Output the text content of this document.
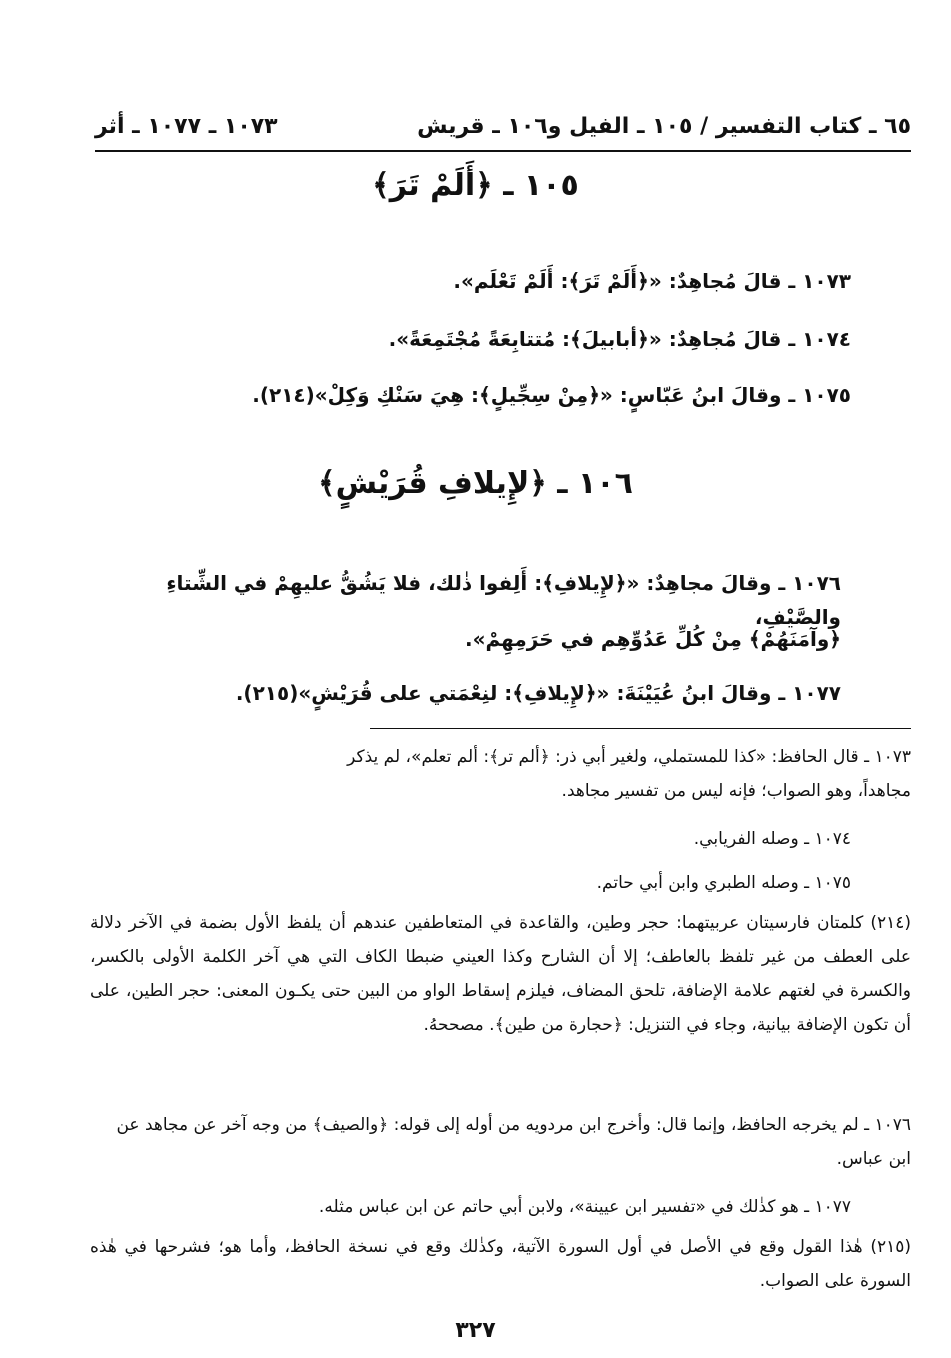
٦٥ ـ كتاب التفسير / ١٠٥ ـ الفيل و١٠٦ ـ قريش
١٠٧٣ ـ ١٠٧٧ ـ أثر
١٠٥ ـ ﴿أَلَمْ تَرَ﴾
١٠٧٣ ـ قالَ مُجاهِدٌ: «﴿أَلَمْ تَرَ﴾: أَلَمْ تَعْلَم».
١٠٧٤ ـ قالَ مُجاهِدٌ: «﴿أبابيلَ﴾: مُتتابِعَةً مُجْتَمِعَةً».
١٠٧٥ ـ وقالَ ابنُ عَبّاسٍ: «﴿مِنْ سِجِّيلٍ﴾: هِيَ سَنْكِ وَكِلْ»(٢١٤).
١٠٦ ـ ﴿لإِيلافِ قُرَيْشٍ﴾
١٠٧٦ ـ وقالَ مجاهِدٌ: «﴿لإِيلافِ﴾: أَلِفوا ذٰلك، فلا يَشُقُّ عليهِمْ في الشِّتاءِ والصَّيْفِ،
﴿وآمَنَهُمْ﴾ مِنْ كُلِّ عَدُوِّهِم في حَرَمِهِمْ».
١٠٧٧ ـ وقالَ ابنُ عُيَيْنَةَ: «﴿لإِيلافِ﴾: لنِعْمَتي على قُرَيْشٍ»(٢١٥).
١٠٧٣ ـ قال الحافظ: «كذا للمستملي، ولغير أبي ذر: ﴿ألم تر﴾: ألم تعلم»، لم يذكر
مجاهداً، وهو الصواب؛ فإنه ليس من تفسير مجاهد.
١٠٧٤ ـ وصله الفريابي.
١٠٧٥ ـ وصله الطبري وابن أبي حاتم.
(٢١٤) كلمتان فارسيتان عربيتهما: حجر وطين، والقاعدة في المتعاطفين عندهم أن يلفظ الأول بضمة في الآخر دلالة على العطف من غير تلفظ بالعاطف؛ إلا أن الشارح وكذا العيني ضبطا الكاف التي هي آخر الكلمة الأولى بالكسر، والكسرة في لغتهم علامة الإضافة، تلحق المضاف، فيلزم إسقاط الواو من البين حتى يكـون المعنى: حجر الطين، على أن تكون الإضافة بيانية، وجاء في التنزيل: ﴿حجارة من طين﴾. مصححهُ.
١٠٧٦ ـ لم يخرجه الحافظ، وإنما قال: وأخرج ابن مردويه من أوله إلى قوله: ﴿والصيف﴾ من وجه آخر عن مجاهد عن ابن عباس.
١٠٧٧ ـ هو كذٰلك في «تفسير ابن عيينة»، ولابن أبي حاتم عن ابن عباس مثله.
(٢١٥) هٰذا القول وقع في الأصل في أول السورة الآتية، وكذٰلك وقع في نسخة الحافظ، وأما هو؛ فشرحها في هٰذه السورة على الصواب.
٣٢٧
